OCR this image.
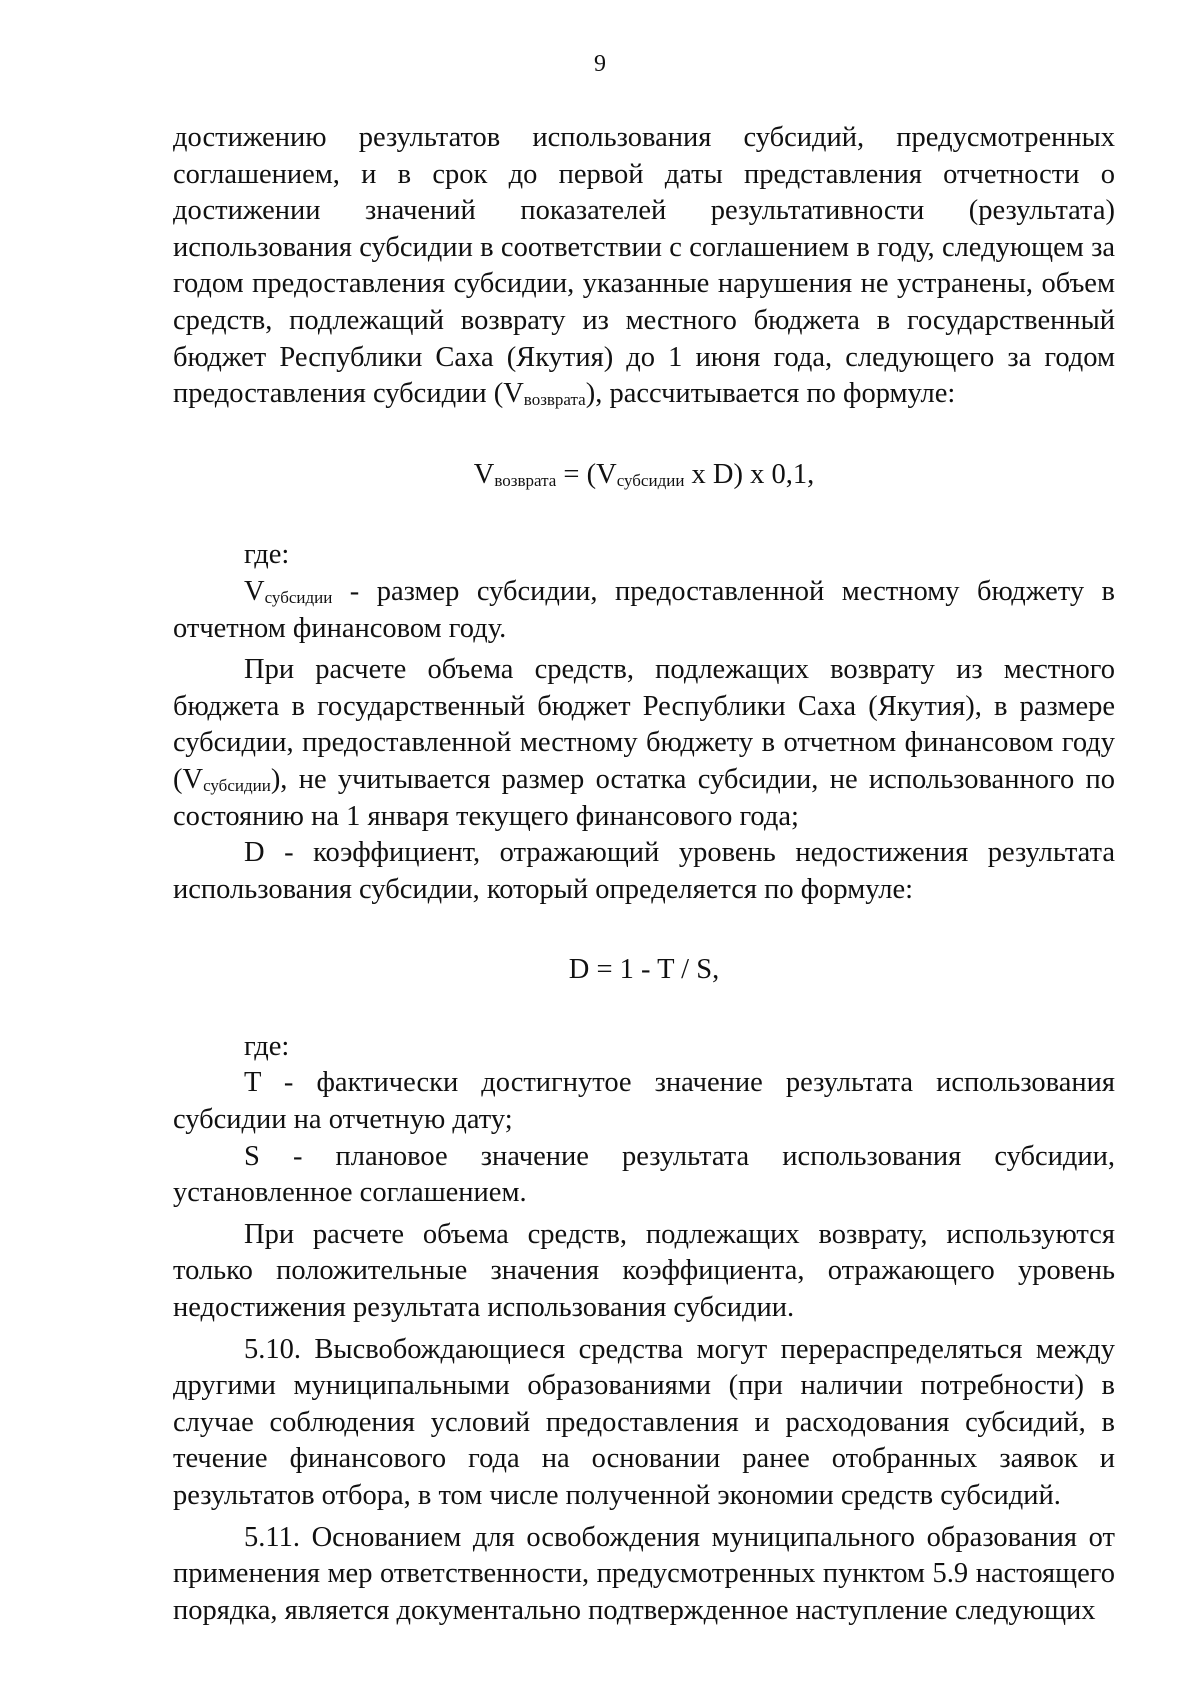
9

достижению результатов использования субсидий, предусмотренных соглашением, и в срок до первой даты представления отчетности о достижении значений показателей результативности (результата) использования субсидии в соответствии с соглашением в году, следующем за годом предоставления субсидии, указанные нарушения не устранены, объем средств, подлежащий возврату из местного бюджета в государственный бюджет Республики Саха (Якутия) до 1 июня года, следующего за годом предоставления субсидии $(V_{возврата})$, рассчитывается по формуле:

$V_{возврата} = (V_{субсидии}$ x D) x 0,1,

где:

$V_{субсидии}$ - размер субсидии, предоставленной местному бюджету в отчетном финансовом году.

При расчете объема средств, подлежащих возврату из местного бюджета в государственный бюджет Республики Саха (Якутия), в размере субсидии, предоставленной местному бюджету в отчетном финансовом году $(V_{субсидии})$, не учитывается размер остатка субсидии, не использованного по состоянию на 1 января текущего финансового года;

D - коэффициент, отражающий уровень недостижения результата использования субсидии, который определяется по формуле:

D = 1 - T / S,

где:

T - фактически достигнутое значение результата использования субсидии на отчетную дату;

S - плановое значение результата использования субсидии, установленное соглашением.

При расчете объема средств, подлежащих возврату, используются только положительные значения коэффициента, отражающего уровень недостижения результата использования субсидии.

5.10. Высвобождающиеся средства могут перераспределяться между другими муниципальными образованиями (при наличии потребности) в случае соблюдения условий предоставления и расходования субсидий, в течение финансового года на основании ранее отобранных заявок и результатов отбора, в том числе полученной экономии средств субсидий.

5.11. Основанием для освобождения муниципального образования от применения мер ответственности, предусмотренных пунктом 5.9 настоящего порядка, является документально подтвержденное наступление следующих
